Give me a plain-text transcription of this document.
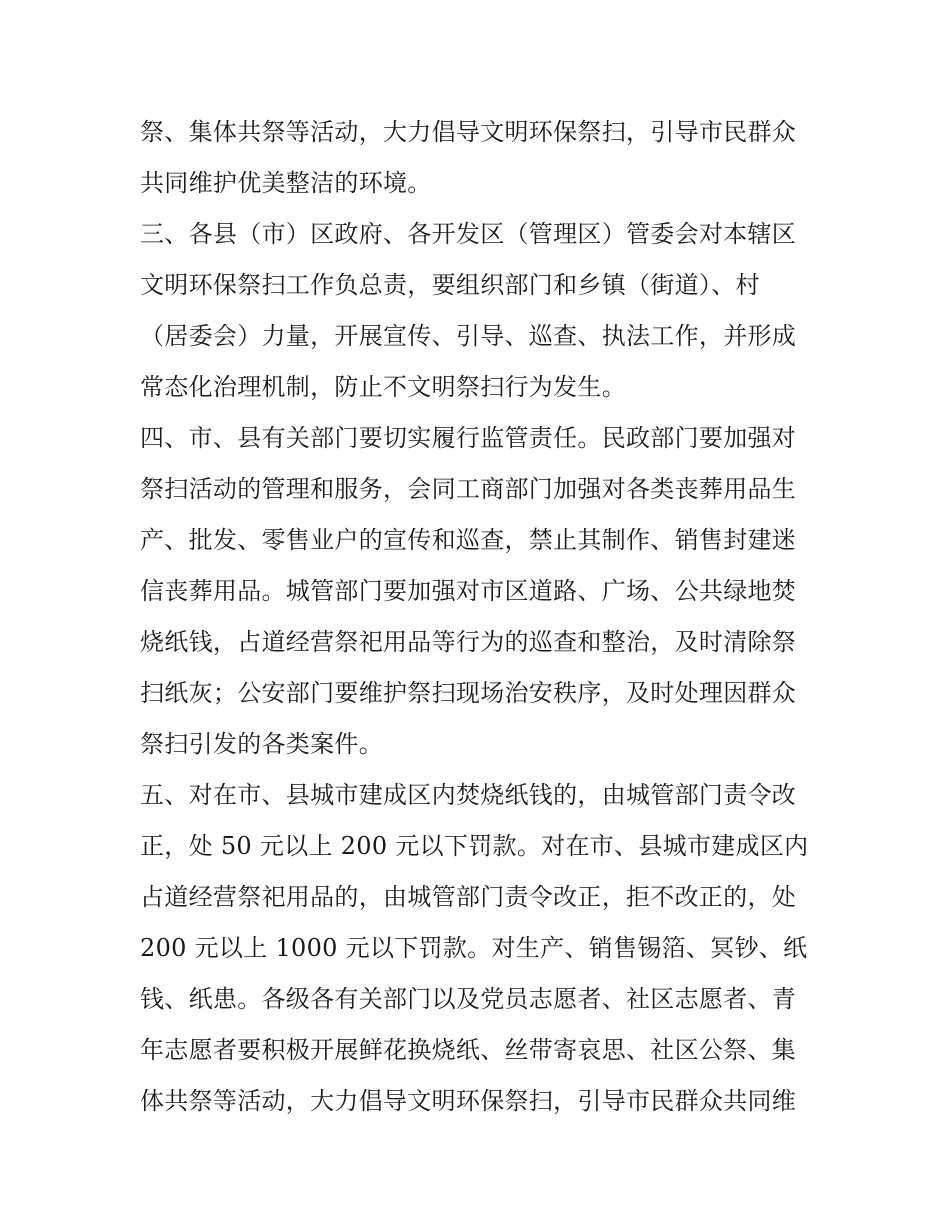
祭、集体共祭等活动，大力倡导文明环保祭扫，引导市民群众
共同维护优美整洁的环境。
三、各县（市）区政府、各开发区（管理区）管委会对本辖区
文明环保祭扫工作负总责，要组织部门和乡镇（街道）、村
（居委会）力量，开展宣传、引导、巡查、执法工作，并形成
常态化治理机制，防止不文明祭扫行为发生。
四、市、县有关部门要切实履行监管责任。民政部门要加强对
祭扫活动的管理和服务，会同工商部门加强对各类丧葬用品生
产、批发、零售业户的宣传和巡查，禁止其制作、销售封建迷
信丧葬用品。城管部门要加强对市区道路、广场、公共绿地焚
烧纸钱，占道经营祭祀用品等行为的巡查和整治，及时清除祭
扫纸灰；公安部门要维护祭扫现场治安秩序，及时处理因群众
祭扫引发的各类案件。
五、对在市、县城市建成区内焚烧纸钱的，由城管部门责令改
正，处 50 元以上 200 元以下罚款。对在市、县城市建成区内
占道经营祭祀用品的，由城管部门责令改正，拒不改正的，处
200 元以上 1000 元以下罚款。对生产、销售锡箔、冥钞、纸
钱、纸患。各级各有关部门以及党员志愿者、社区志愿者、青
年志愿者要积极开展鲜花换烧纸、丝带寄哀思、社区公祭、集
体共祭等活动，大力倡导文明环保祭扫，引导市民群众共同维
